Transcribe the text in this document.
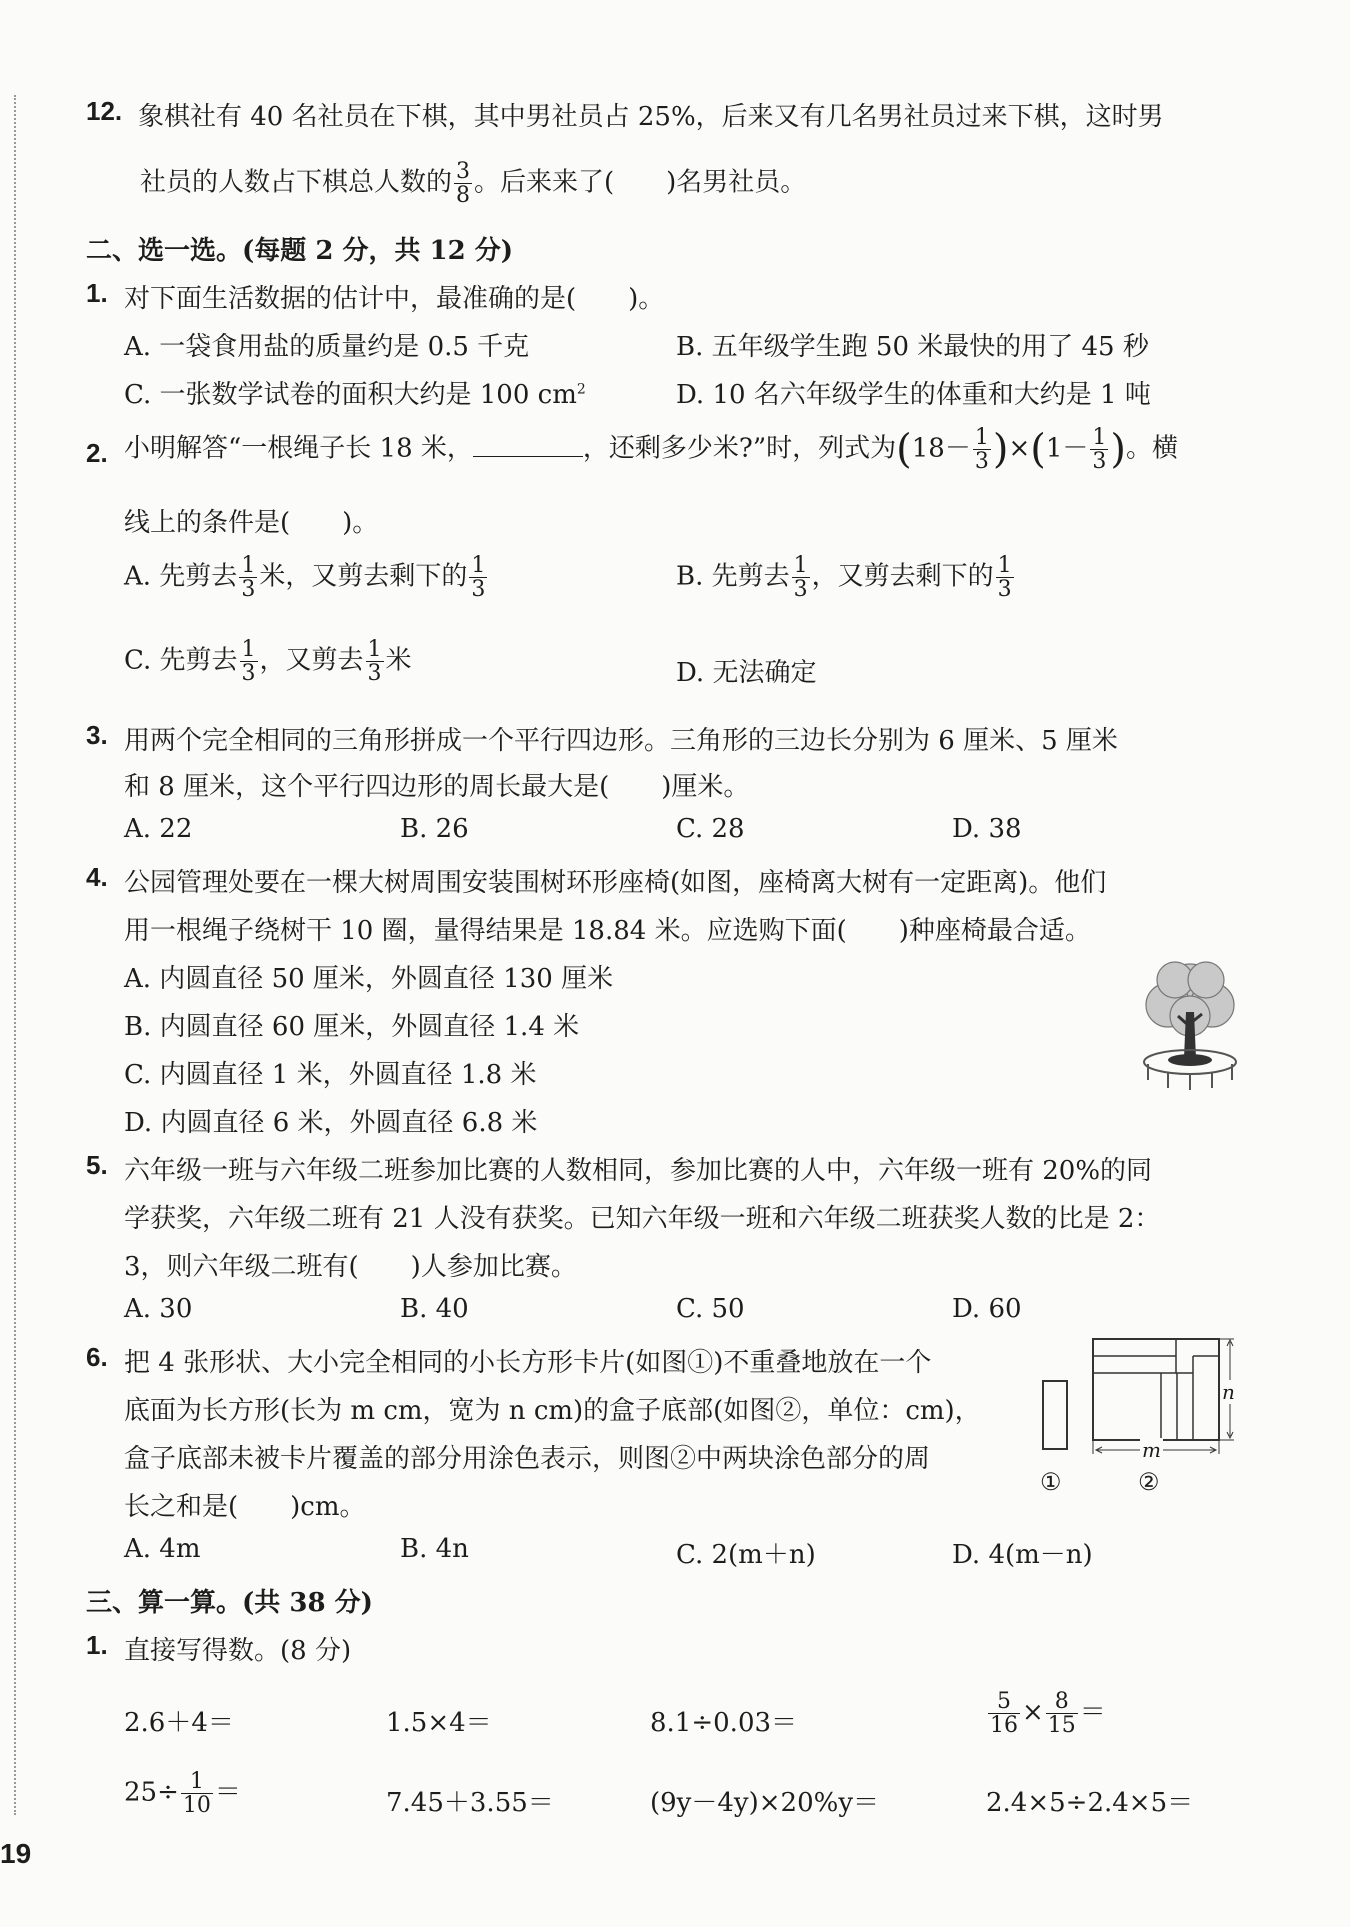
12. 象棋社有 40 名社员在下棋，其中男社员占 25%，后来又有几名男社员过来下棋，这时男
社员的人数占下棋总人数的 $\frac{3}{8}$ 。后来来了(　　)名男社员。
二、选一选。(每题 2 分，共 12 分)
1. 对下面生活数据的估计中，最准确的是(　　)。
A. 一袋食用盐的质量约是 0.5 千克	B. 五年级学生跑 50 米最快的用了 45 秒
C. 一张数学试卷的面积大约是 100 $cm^2$	D. 10 名六年级学生的体重和大约是 1 吨
2. 小明解答“一根绳子长 18 米，	，还剩多少米?”时，列式为$(18- \frac{1}{3} )\times(1- \frac{1}{3}$ )。横
线上的条件是(　　)。
A. 先剪去 $\frac{1}{3}$ 米，又剪去剩下的 $\frac{1}{3}$	B. 先剪去 $\frac{1}{3}$ ，又剪去剩下的 $\frac{1}{3}$
C. 先剪去 $\frac{1}{3}$ ，又剪去 $\frac{1}{3}$ 米	D. 无法确定
3. 用两个完全相同的三角形拼成一个平行四边形。三角形的三边长分别为 6 厘米、5 厘米
和 8 厘米，这个平行四边形的周长最大是(　　)厘米。
A. 22	B. 26	C. 28	D. 38
4. 公园管理处要在一棵大树周围安装围树环形座椅(如图，座椅离大树有一定距离)。他们
用一根绳子绕树干 10 圈，量得结果是 18.84 米。应选购下面(　　)种座椅最合适。
A. 内圆直径 50 厘米，外圆直径 130 厘米
B. 内圆直径 60 厘米，外圆直径 1.4 米
C. 内圆直径 1 米，外圆直径 1.8 米
D. 内圆直径 6 米，外圆直径 6.8 米
5. 六年级一班与六年级二班参加比赛的人数相同，参加比赛的人中，六年级一班有 20%的同
学获奖，六年级二班有 21 人没有获奖。已知六年级一班和六年级二班获奖人数的比是 2：
3，则六年级二班有(　　)人参加比赛。
A. 30	B. 40	C. 50	D. 60
6. 把 4 张形状、大小完全相同的小长方形卡片(如图①)不重叠地放在一个
底面为长方形(长为 m cm，宽为 n cm)的盒子底部(如图②，单位：cm)，
盒子底部未被卡片覆盖的部分用涂色表示，则图②中两块涂色部分的周
长之和是(　　)cm。
①
m
n
②
A. 4m	B. 4n	C. 2(m＋n)	D. 4(m－n)
三、算一算。(共 38 分)
1. 直接写得数。(8 分)
2.6＋4＝	1.5×4＝	8.1÷0.03＝	$\frac{5}{16} \times \frac{8}{15}$ ＝
$25\div \frac{1}{10}$ ＝	7.45＋3.55＝	(9y－4y)×20%y＝	2.4×5÷2.4×5＝
19
